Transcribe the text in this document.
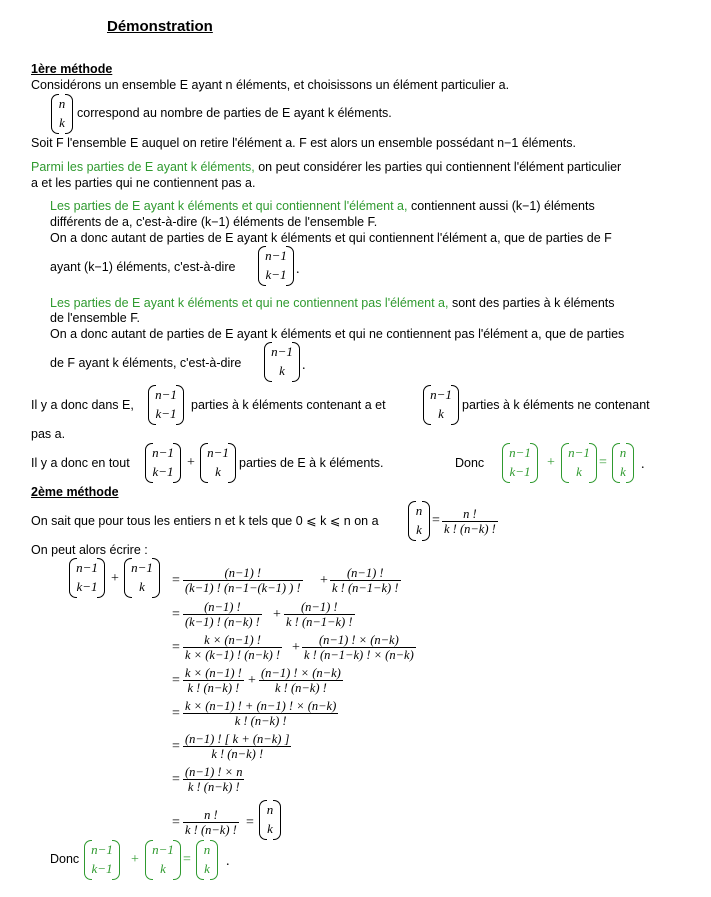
Démonstration
1ère méthode
Considérons un ensemble E ayant n éléments, et choisissons un élément particulier a.
n
k
correspond au nombre de parties de E ayant k éléments.
Soit F l'ensemble E auquel on retire l'élément a. F est alors un ensemble possédant n−1 éléments.
Parmi les parties de E ayant k éléments, on peut considérer les parties qui contiennent l'élément particulier
a et les parties qui ne contiennent pas a.
Les parties de E ayant k éléments et qui contiennent l'élément a, contiennent aussi (k−1) éléments
différents de a, c'est-à-dire (k−1) éléments de l'ensemble F.
On a donc autant de parties de E ayant k éléments et qui contiennent l'élément a, que de parties de F
ayant (k−1) éléments, c'est-à-dire
n−1
k−1 .
Les parties de E ayant k éléments et qui ne contiennent pas l'élément a, sont des parties à k éléments
de l'ensemble F.
On a donc autant de parties de E ayant k éléments et qui ne contiennent pas l'élément a, que de parties
de F ayant k éléments, c'est-à-dire
n−1
k	.
Il y a donc dans E,
n−1
k−1
parties à k éléments contenant a et
n−1
k
parties à k éléments ne contenant
pas a.
Il y a donc en tout
n−1
k−1
+
n−1
k
parties de E à k éléments.	Donc
n−1
k−1
+
n−1
k
=
n
k	.
2ème méthode
On sait que pour tous les entiers n et k tels que 0 ⩽ k ⩽ n on a
n
k
=	n !
k ! (n−k) !
On peut alors écrire :
n−1
k−1
+
n−1
k	=	(n−1) !
(k−1) ! (n−1−(k−1) ) ! +	(n−1) !
k ! (n−1−k) !
=	(n−1) !
(k−1) ! (n−k) ! +	(n−1) !
k ! (n−1−k) !
=	k × (n−1) !
k × (k−1) ! (n−k) ! +	(n−1) ! × (n−k)
k ! (n−1−k) ! × (n−k)
= k × (n−1) !
k ! (n−k) ! + (n−1) ! × (n−k)
k ! (n−k) !
= k × (n−1) ! + (n−1) ! × (n−k)
k ! (n−k) !
= (n−1) ! [ k + (n−k) ]
k ! (n−k) !
= (n−1) ! × n
k ! (n−k) !
=	n !
k ! (n−k) ! =
n
k
Donc
n−1
k−1
+
n−1
k
=
n
k	.
